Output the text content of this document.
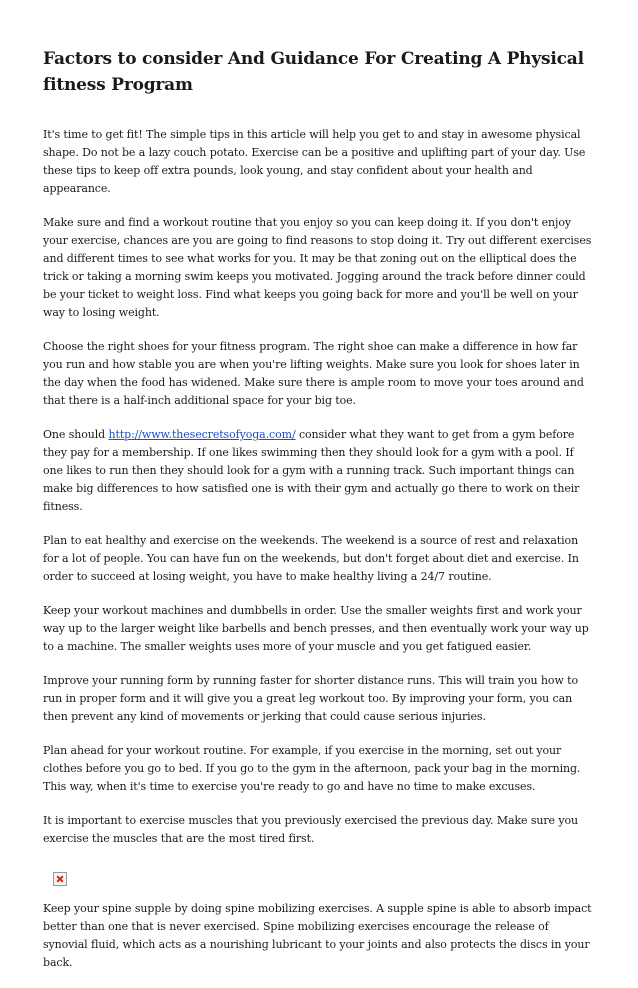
Factors to consider And Guidance For Creating A Physical fitness Program

It's time to get fit! The simple tips in this article will help you get to and stay in awesome physical shape. Do not be a lazy couch potato. Exercise can be a positive and uplifting part of your day. Use these tips to keep off extra pounds, look young, and stay confident about your health and appearance.

Make sure and find a workout routine that you enjoy so you can keep doing it. If you don't enjoy your exercise, chances are you are going to find reasons to stop doing it. Try out different exercises and different times to see what works for you. It may be that zoning out on the elliptical does the trick or taking a morning swim keeps you motivated. Jogging around the track before dinner could be your ticket to weight loss. Find what keeps you going back for more and you'll be well on your way to losing weight.

Choose the right shoes for your fitness program. The right shoe can make a difference in how far you run and how stable you are when you're lifting weights. Make sure you look for shoes later in the day when the food has widened. Make sure there is ample room to move your toes around and that there is a half-inch additional space for your big toe.

One should http://www.thesecretsofyoga.com/ consider what they want to get from a gym before they pay for a membership. If one likes swimming then they should look for a gym with a pool. If one likes to run then they should look for a gym with a running track. Such important things can make big differences to how satisfied one is with their gym and actually go there to work on their fitness.

Plan to eat healthy and exercise on the weekends. The weekend is a source of rest and relaxation for a lot of people. You can have fun on the weekends, but don't forget about diet and exercise. In order to succeed at losing weight, you have to make healthy living a 24/7 routine.

Keep your workout machines and dumbbells in order. Use the smaller weights first and work your way up to the larger weight like barbells and bench presses, and then eventually work your way up to a machine. The smaller weights uses more of your muscle and you get fatigued easier.

Improve your running form by running faster for shorter distance runs. This will train you how to run in proper form and it will give you a great leg workout too. By improving your form, you can then prevent any kind of movements or jerking that could cause serious injuries.

Plan ahead for your workout routine. For example, if you exercise in the morning, set out your clothes before you go to bed. If you go to the gym in the afternoon, pack your bag in the morning. This way, when it's time to exercise you're ready to go and have no time to make excuses.

It is important to exercise muscles that you previously exercised the previous day. Make sure you exercise the muscles that are the most tired first.

Keep your spine supple by doing spine mobilizing exercises. A supple spine is able to absorb impact better than one that is never exercised. Spine mobilizing exercises encourage the release of synovial fluid, which acts as a nourishing lubricant to your joints and also protects the discs in your back.
